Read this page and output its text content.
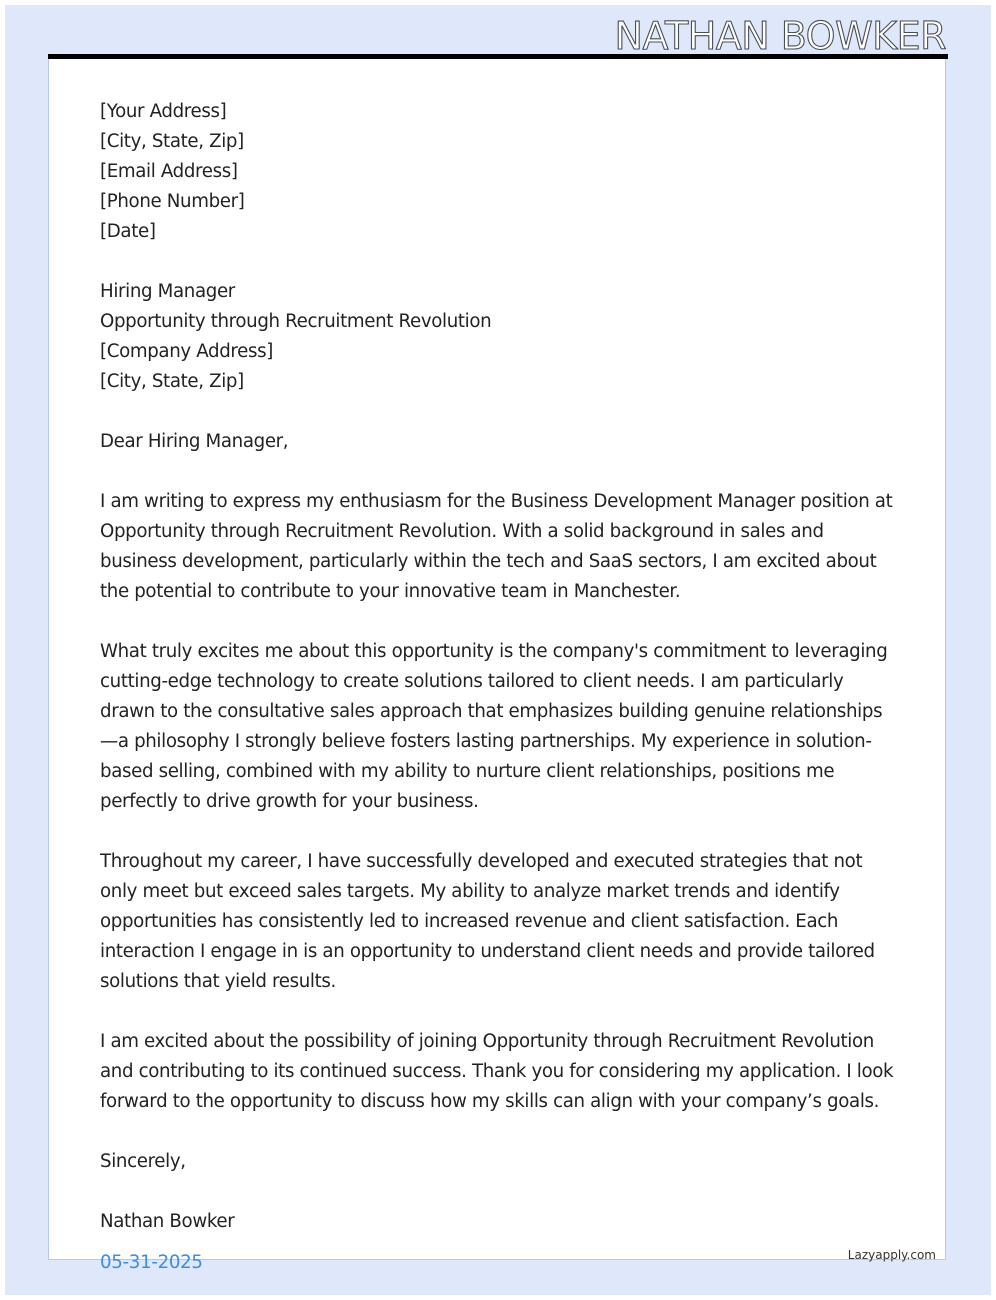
NATHAN BOWKER
[Your Address]
[City, State, Zip]
[Email Address]
[Phone Number]
[Date]
Hiring Manager
Opportunity through Recruitment Revolution
[Company Address]
[City, State, Zip]
Dear Hiring Manager,
I am writing to express my enthusiasm for the Business Development Manager position at Opportunity through Recruitment Revolution. With a solid background in sales and business development, particularly within the tech and SaaS sectors, I am excited about the potential to contribute to your innovative team in Manchester.
What truly excites me about this opportunity is the company's commitment to leveraging cutting-edge technology to create solutions tailored to client needs. I am particularly drawn to the consultative sales approach that emphasizes building genuine relationships—a philosophy I strongly believe fosters lasting partnerships. My experience in solution-based selling, combined with my ability to nurture client relationships, positions me perfectly to drive growth for your business.
Throughout my career, I have successfully developed and executed strategies that not only meet but exceed sales targets. My ability to analyze market trends and identify opportunities has consistently led to increased revenue and client satisfaction. Each interaction I engage in is an opportunity to understand client needs and provide tailored solutions that yield results.
I am excited about the possibility of joining Opportunity through Recruitment Revolution and contributing to its continued success. Thank you for considering my application. I look forward to the opportunity to discuss how my skills can align with your company’s goals.
Sincerely,
Nathan Bowker
05-31-2025	Lazyapply.com
